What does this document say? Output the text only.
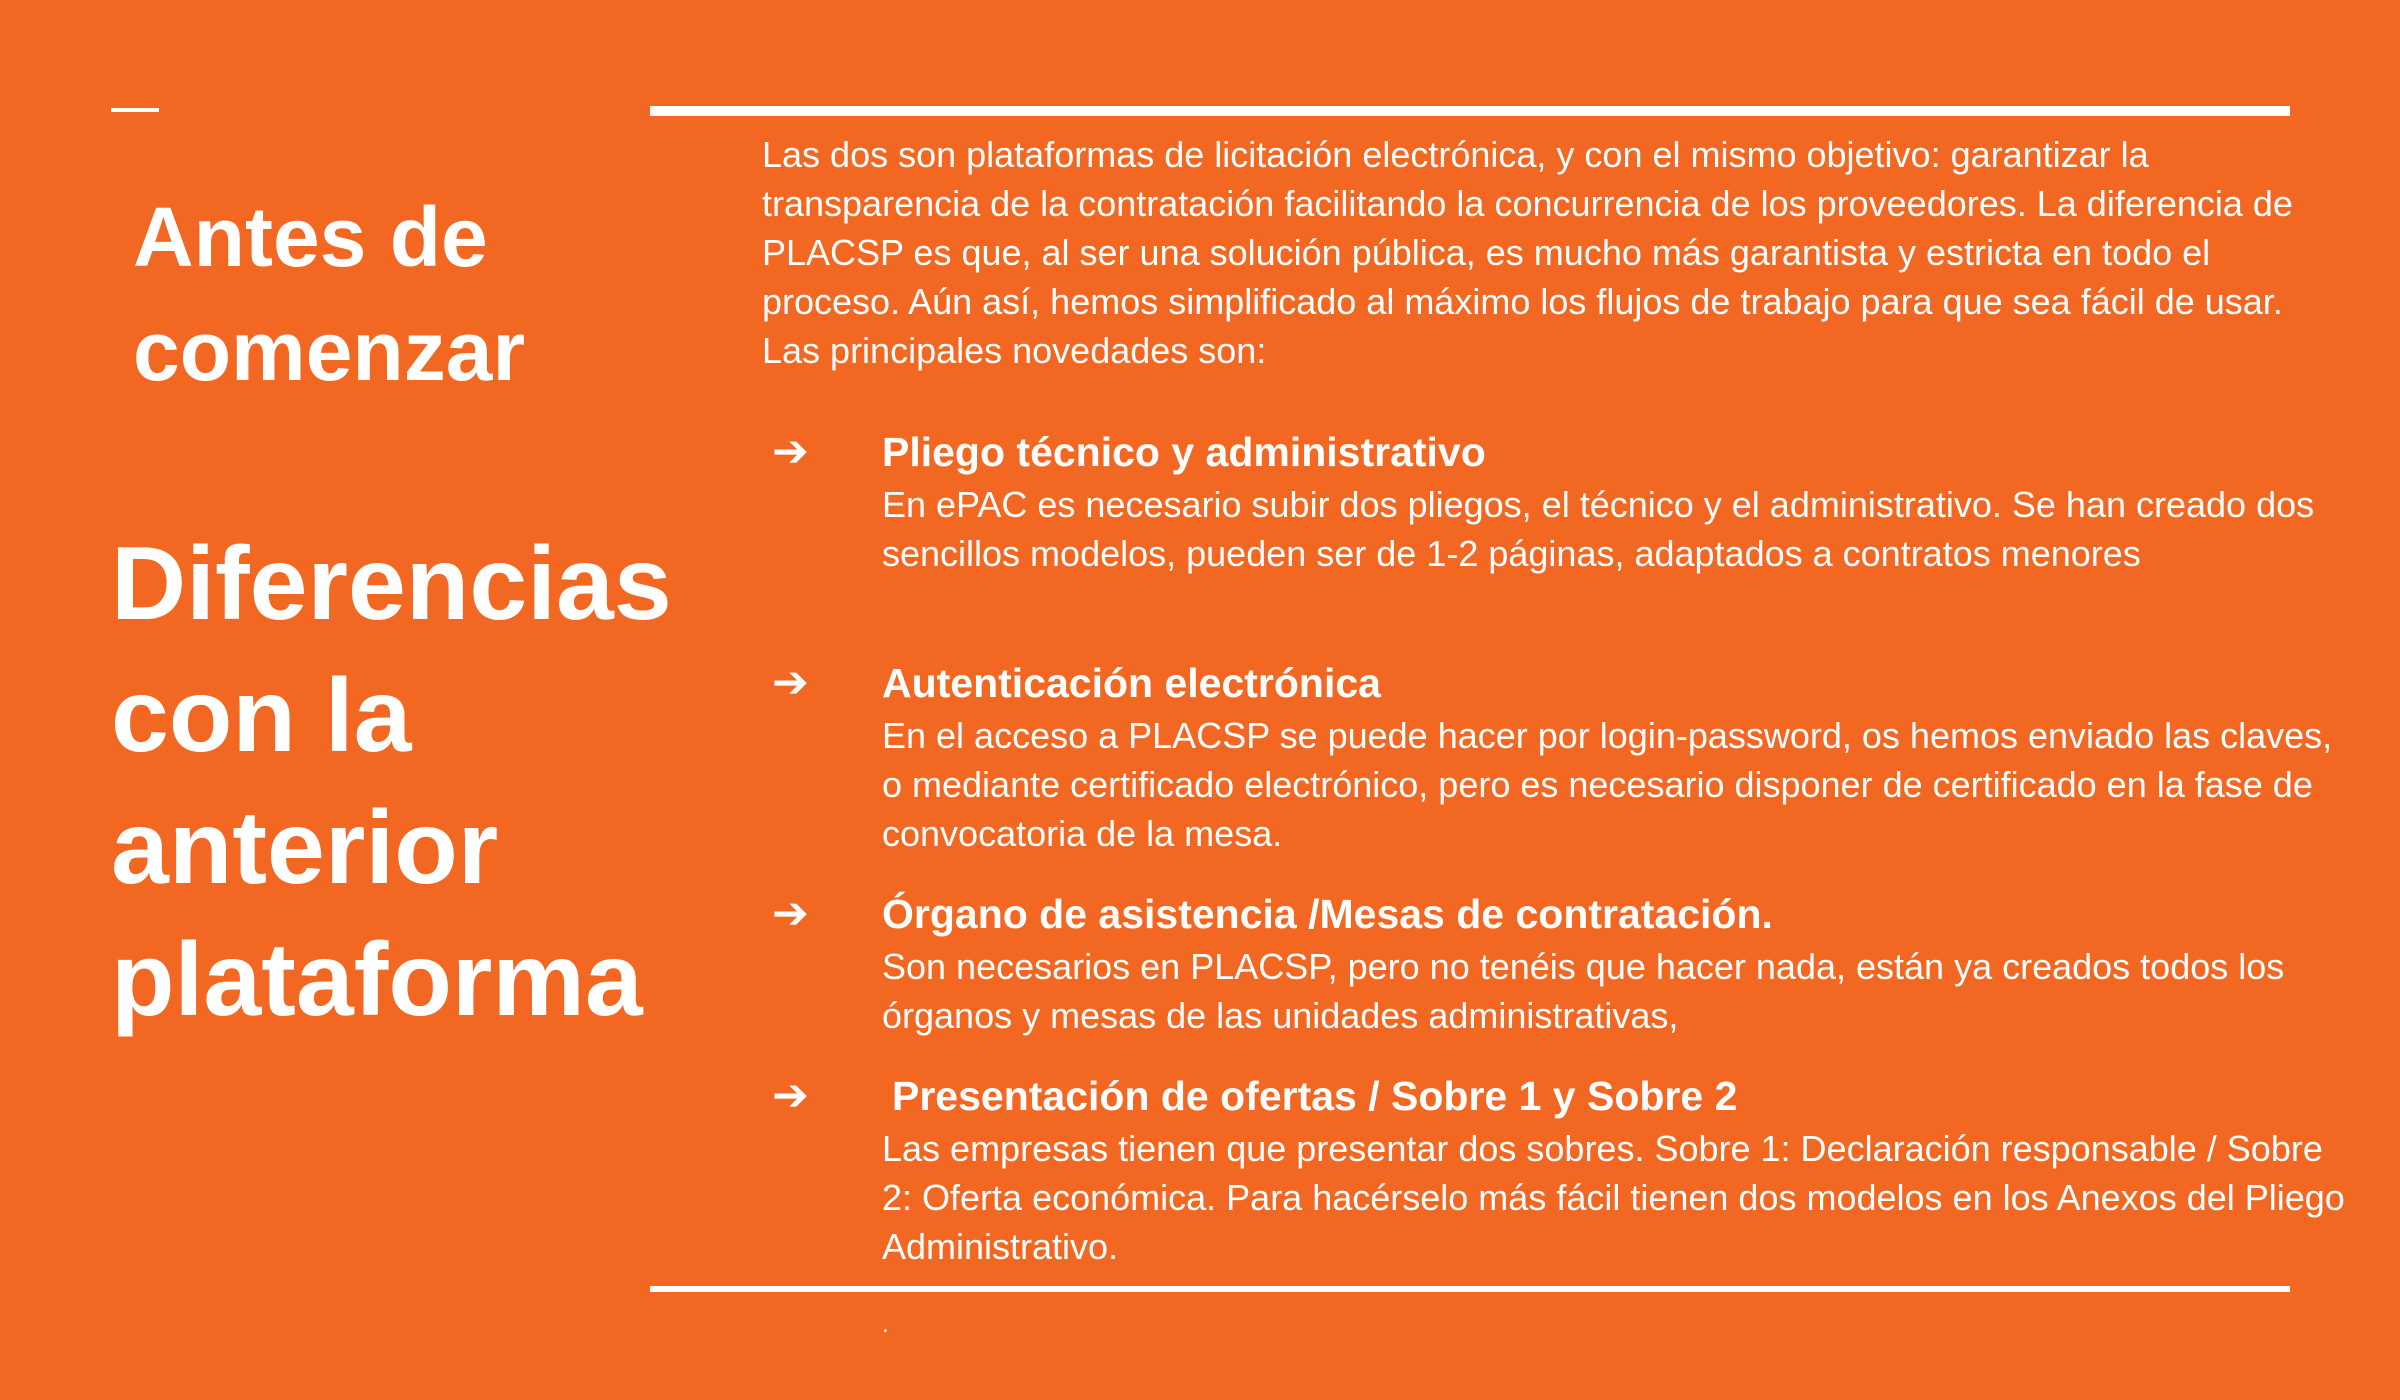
Antes de
comenzar
Diferencias
con la
anterior
plataforma

Las dos son plataformas de licitación electrónica, y con el mismo objetivo: garantizar la transparencia de la contratación facilitando la concurrencia de los proveedores. La diferencia de PLACSP es que, al ser una solución pública, es mucho más garantista y estricta en todo el proceso. Aún así, hemos simplificado al máximo los flujos de trabajo para que sea fácil de usar. Las principales novedades son:

➔ Pliego técnico y administrativo

En ePAC es necesario subir dos pliegos, el técnico y el administrativo. Se han creado dos sencillos modelos, pueden ser de 1-2 páginas, adaptados a contratos menores

➔ Autenticación electrónica

En el acceso a PLACSP se puede hacer por login-password, os hemos enviado las claves, o mediante certificado electrónico, pero es necesario disponer de certificado en la fase de convocatoria de la mesa.

➔ Órgano de asistencia /Mesas de contratación.

Son necesarios en PLACSP, pero no tenéis que hacer nada, están ya creados todos los órganos y mesas de las unidades administrativas,

➔ Presentación de ofertas / Sobre 1 y Sobre 2

Las empresas tienen que presentar dos sobres. Sobre 1: Declaración responsable / Sobre 2: Oferta económica. Para hacérselo más fácil tienen dos modelos en los Anexos del Pliego Administrativo.

.
